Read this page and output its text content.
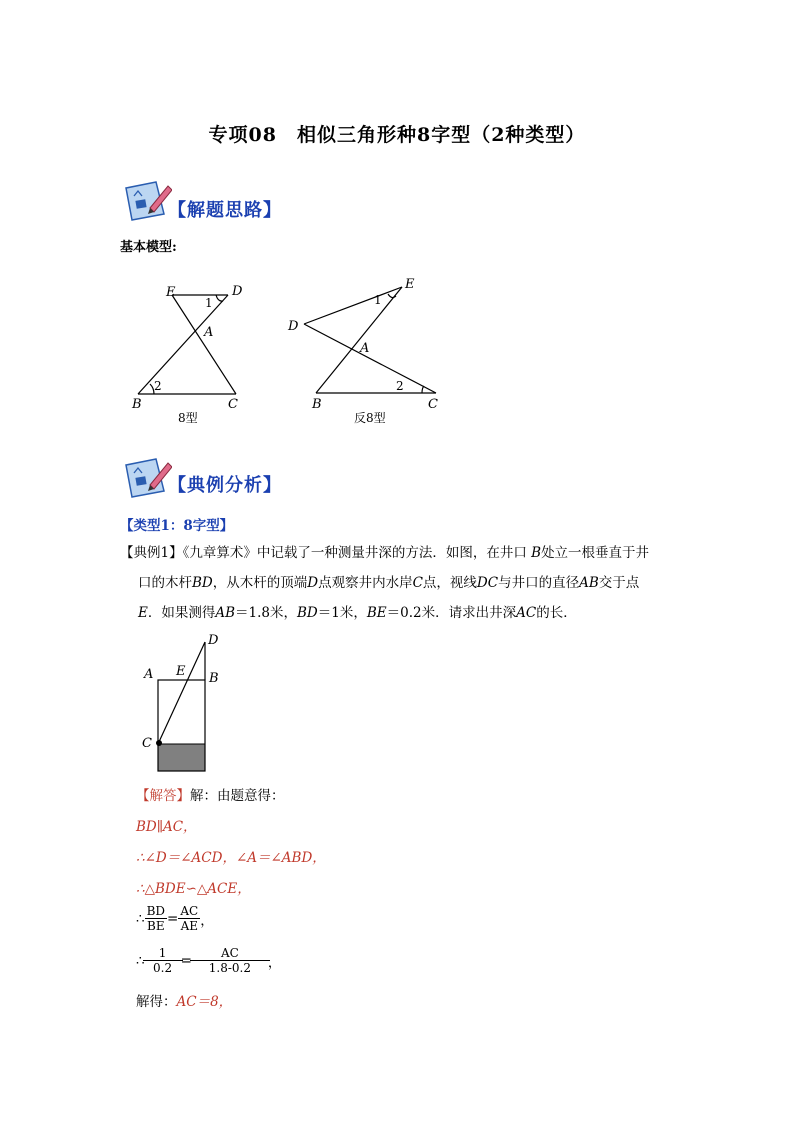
专项08　相似三角形种8字型（2种类型）
【解题思路】
基本模型:
E	D
A
B	C
1
2
8型
E
D
A
B	C
1
2
反8型
【典例分析】
【类型1：8字型】
【典例1】《九章算术》中记载了一种测量井深的方法．如图，在井口 B处立一根垂直于井
口的木杆BD，从木杆的顶端D点观察井内水岸C点，视线DC与井口的直径AB交于点
E．如果测得AB＝1.8米，BD＝1米，BE＝0.2米．请求出井深AC的长．
A E B
D
C
【解答】解：由题意得：
BD∥AC，
∴∠D＝∠ACD，∠A＝∠ABD，
∴△BDE∽△ACE，
∴ $\frac{BD}{BE} = \frac{AC}{AE}$ ，
∴ $\frac{1}{0.2} = \frac{AC}{1.8-0.2}$ ，
解得：AC＝8，
